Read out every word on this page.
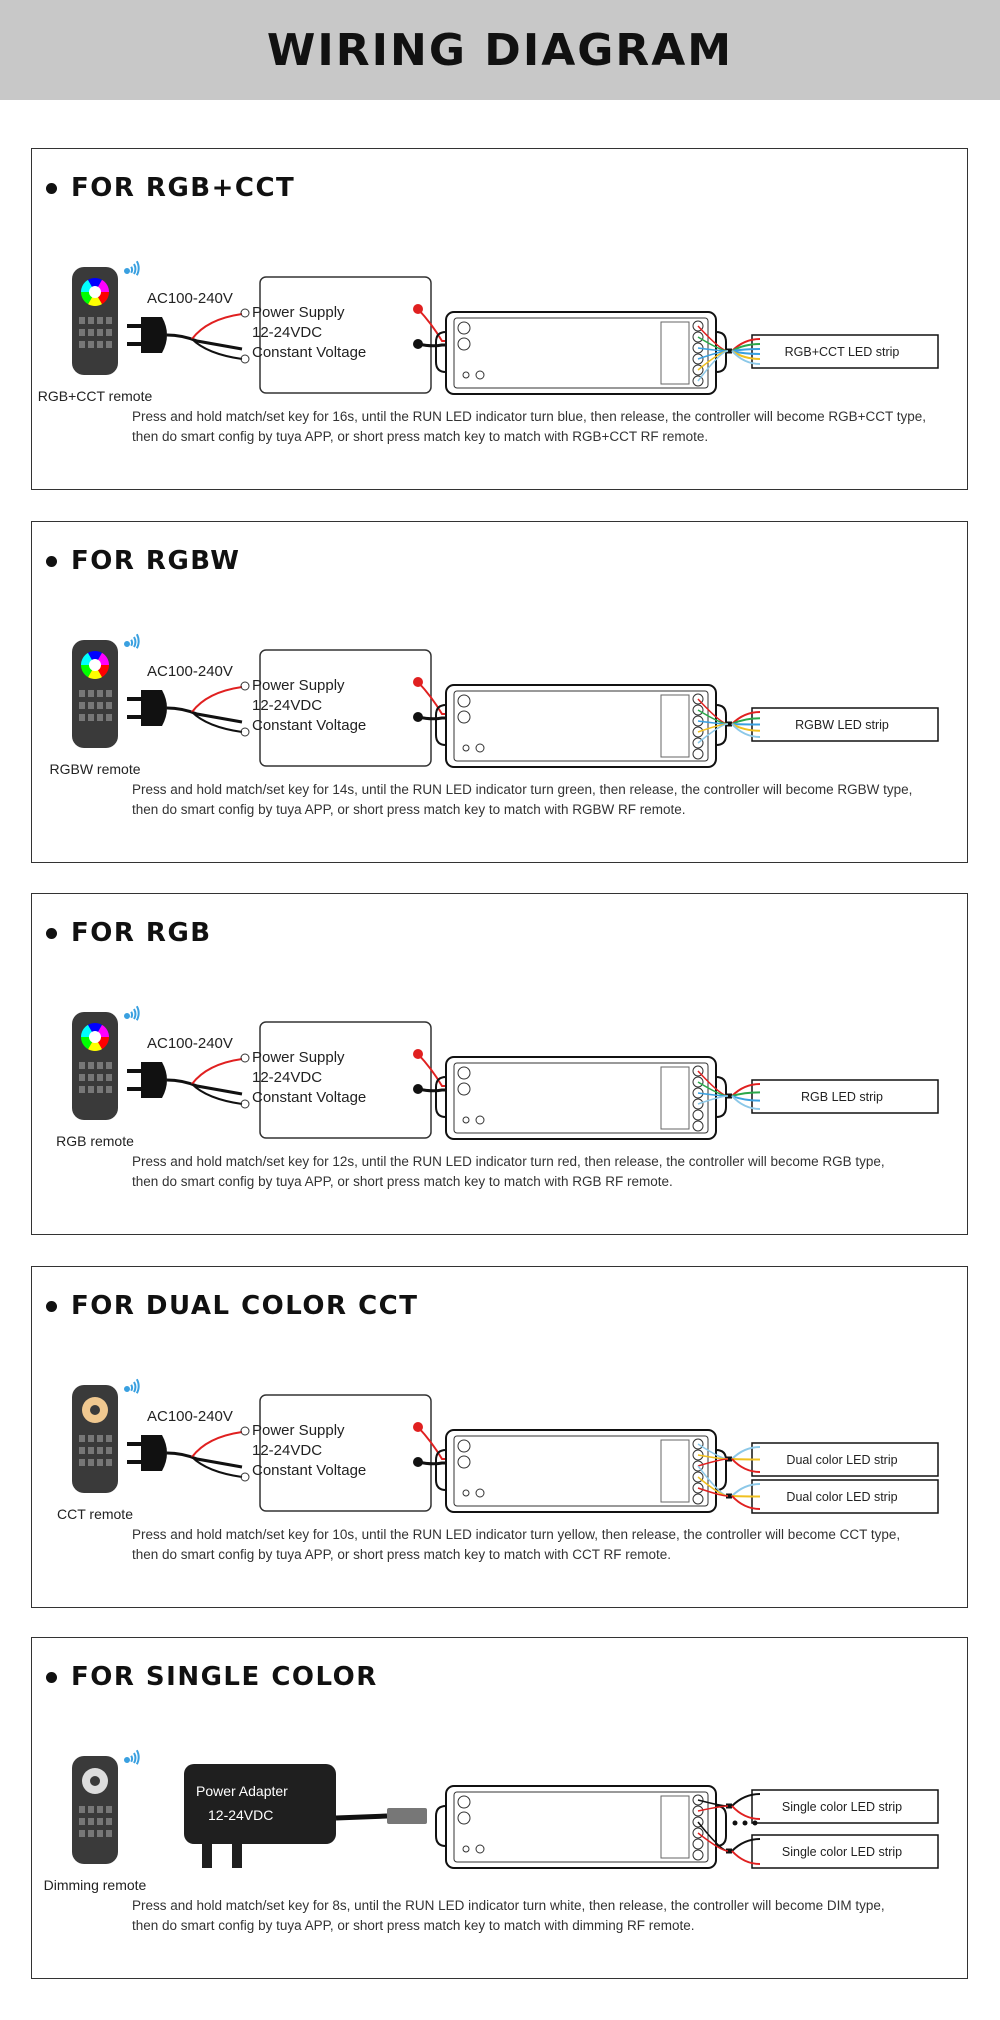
WIRING DIAGRAM
FOR RGB+CCT
RGB+CCT remote
AC100-240V
Power Supply
12-24VDC
Constant Voltage	RGB+CCT LED strip
Press and hold match/set key for 16s, until the RUN LED indicator turn blue, then release, the controller will become RGB+CCT type,
then do smart config by tuya APP, or short press match key to match with RGB+CCT RF remote.
FOR RGBW
RGBW remote
AC100-240V
Power Supply
12-24VDC
Constant Voltage	RGBW LED strip
Press and hold match/set key for 14s, until the RUN LED indicator turn green, then release, the controller will become RGBW type,
then do smart config by tuya APP, or short press match key to match with RGBW RF remote.
FOR RGB
RGB remote
AC100-240V
Power Supply
12-24VDC
Constant Voltage	RGB LED strip
Press and hold match/set key for 12s, until the RUN LED indicator turn red, then release, the controller will become RGB type,
then do smart config by tuya APP, or short press match key to match with RGB RF remote.
FOR DUAL COLOR CCT
CCT remote
AC100-240V
Power Supply
12-24VDC
Constant Voltage
Dual color LED strip
Dual color LED strip
Press and hold match/set key for 10s, until the RUN LED indicator turn yellow, then release, the controller will become CCT type,
then do smart config by tuya APP, or short press match key to match with CCT RF remote.
FOR SINGLE COLOR
Dimming remote
Power Adapter
12-24VDC	Single color LED strip
Single color LED strip
Press and hold match/set key for 8s, until the RUN LED indicator turn white, then release, the controller will become DIM type,
then do smart config by tuya APP, or short press match key to match with dimming RF remote.
